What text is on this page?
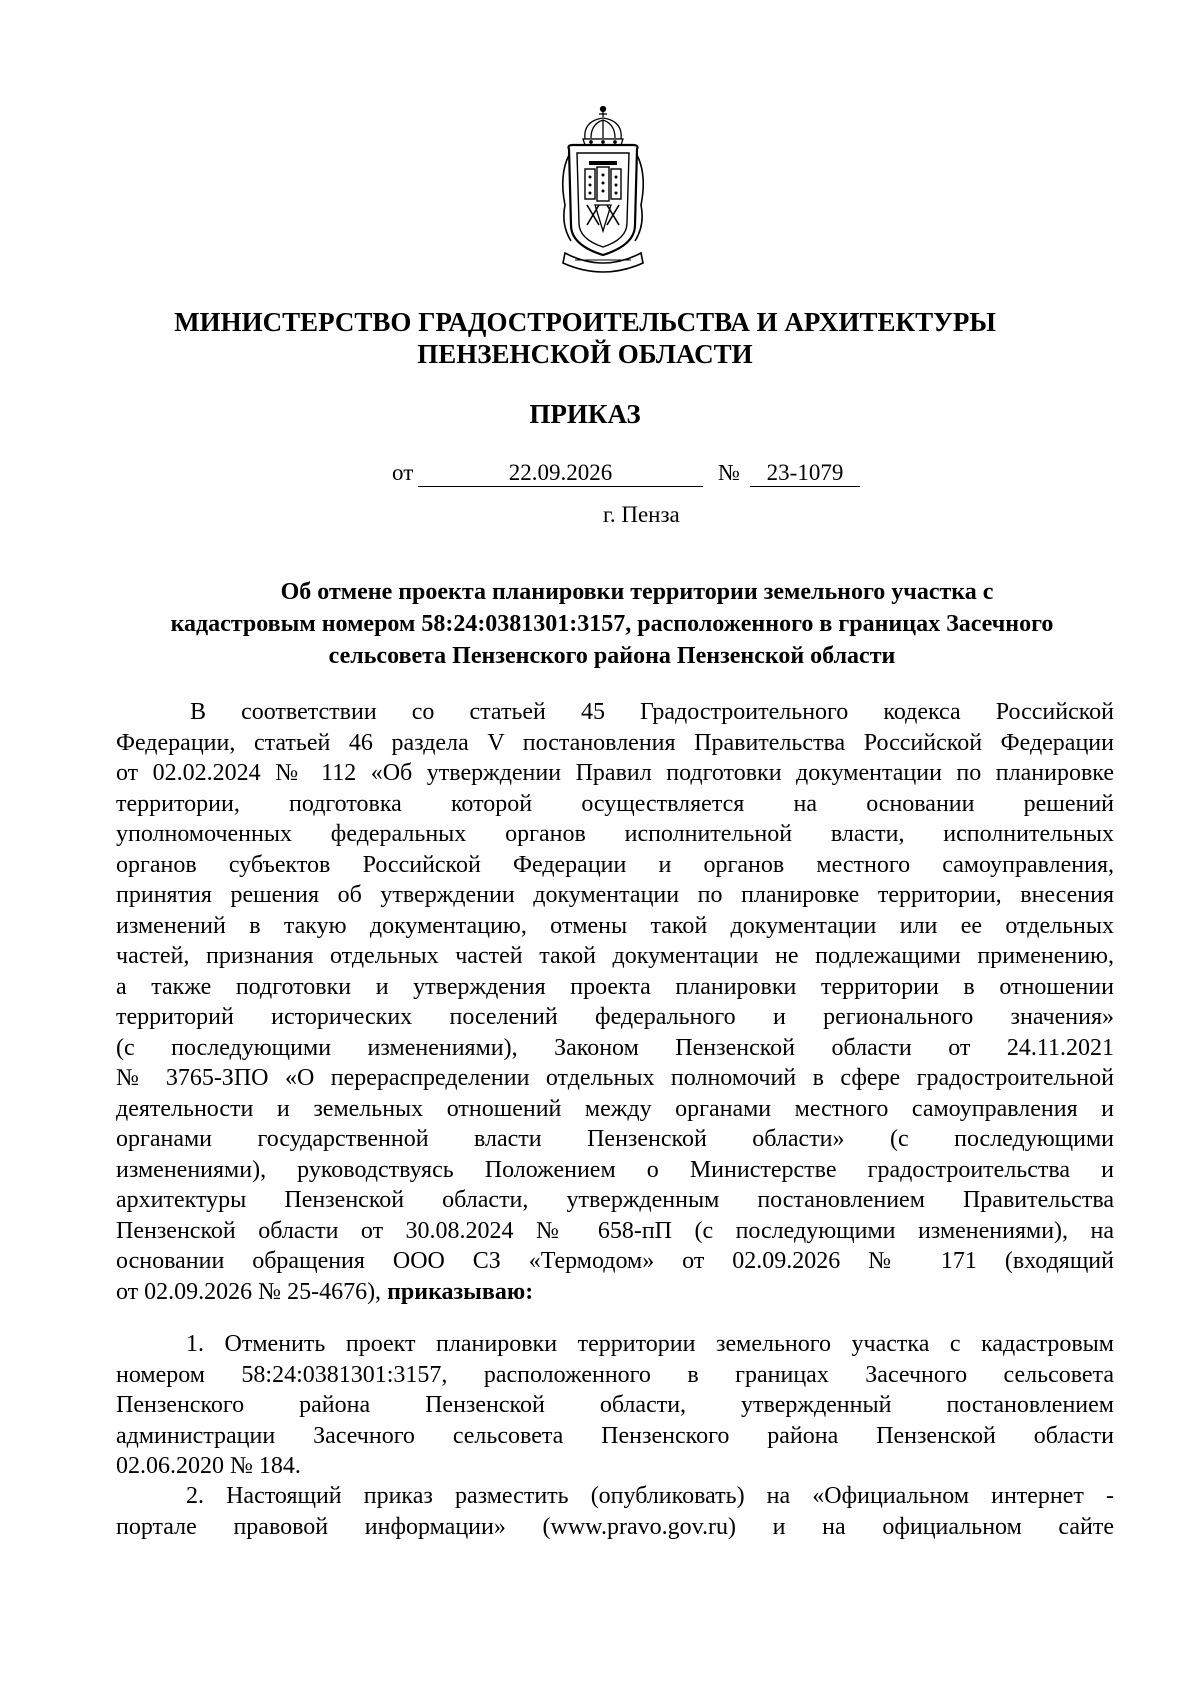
МИНИСТЕРСТВО ГРАДОСТРОИТЕЛЬСТВА И АРХИТЕКТУРЫ
ПЕНЗЕНСКОЙ ОБЛАСТИ
ПРИКАЗ
от	22.09.2026	№	23-1079
г. Пенза
Об отмене проекта планировки территории земельного участка с
кадастровым номером 58:24:0381301:3157, расположенного в границах Засечного
сельсовета Пензенского района Пензенской области
В соответствии со статьей 45 Градостроительного кодекса Российской
Федерации, статьей 46 раздела V постановления Правительства Российской Федерации
от 02.02.2024 № 112 «Об утверждении Правил подготовки документации по планировке
территории, подготовка которой осуществляется на основании решений
уполномоченных федеральных органов исполнительной власти, исполнительных
органов субъектов Российской Федерации и органов местного самоуправления,
принятия решения об утверждении документации по планировке территории, внесения
изменений в такую документацию, отмены такой документации или ее отдельных
частей, признания отдельных частей такой документации не подлежащими применению,
а также подготовки и утверждения проекта планировки территории в отношении
территорий исторических поселений федерального и регионального значения»
(с последующими изменениями), Законом Пензенской области от 24.11.2021
№ 3765-ЗПО «О перераспределении отдельных полномочий в сфере градостроительной
деятельности и земельных отношений между органами местного самоуправления и
органами государственной власти Пензенской области» (с последующими
изменениями), руководствуясь Положением о Министерстве градостроительства и
архитектуры Пензенской области, утвержденным постановлением Правительства
Пензенской области от 30.08.2024 № 658-пП (с последующими изменениями), на
основании обращения ООО СЗ «Термодом» от 02.09.2026 № 171 (входящий
от 02.09.2026 № 25-4676), приказываю:
1. Отменить проект планировки территории земельного участка с кадастровым
номером 58:24:0381301:3157, расположенного в границах Засечного сельсовета
Пензенского района Пензенской области, утвержденный постановлением
администрации Засечного сельсовета Пензенского района Пензенской области
02.06.2020 № 184.
2. Настоящий приказ разместить (опубликовать) на «Официальном интернет -
портале правовой информации» (www.pravo.gov.ru) и на официальном сайте
